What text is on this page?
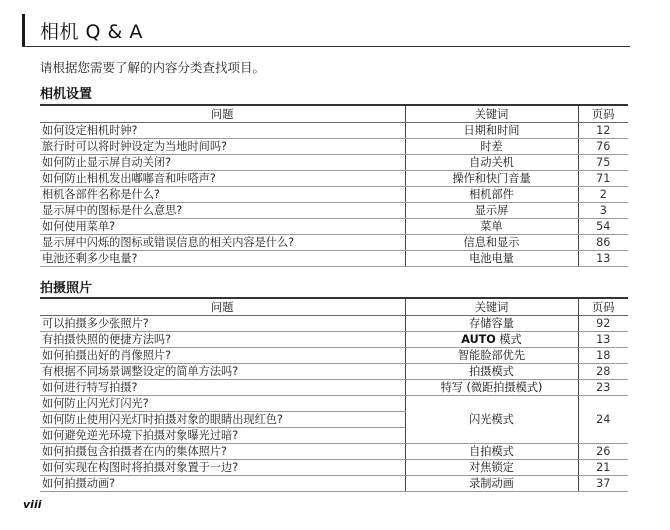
相机 Q & A
请根据您需要了解的内容分类查找项目。
相机设置
问题	关键词	页码
如何设定相机时钟?	日期和时间	12
旅行时可以将时钟设定为当地时间吗?	时差	76
如何防止显示屏自动关闭?	自动关机	75
如何防止相机发出嘟嘟音和咔嗒声?	操作和快门音量	71
相机各部件名称是什么?	相机部件	2
显示屏中的图标是什么意思?	显示屏	3
如何使用菜单?	菜单	54
显示屏中闪烁的图标或错误信息的相关内容是什么?	信息和显示	86
电池还剩多少电量?	电池电量	13
拍摄照片
问题	关键词	页码
可以拍摄多少张照片?	存储容量	92
有拍摄快照的便捷方法吗?	AUTO 模式	13
如何拍摄出好的肖像照片?	智能脸部优先	18
有根据不同场景调整设定的简单方法吗?	拍摄模式	28
如何进行特写拍摄?	特写 (微距拍摄模式)	23
如何防止闪光灯闪光?	闪光模式	24
如何防止使用闪光灯时拍摄对象的眼睛出现红色?		
如何避免逆光环境下拍摄对象曝光过暗?		
如何拍摄包含拍摄者在内的集体照片?	自拍模式	26
如何实现在构图时将拍摄对象置于一边?	对焦锁定	21
如何拍摄动画?	录制动画	37
viii
